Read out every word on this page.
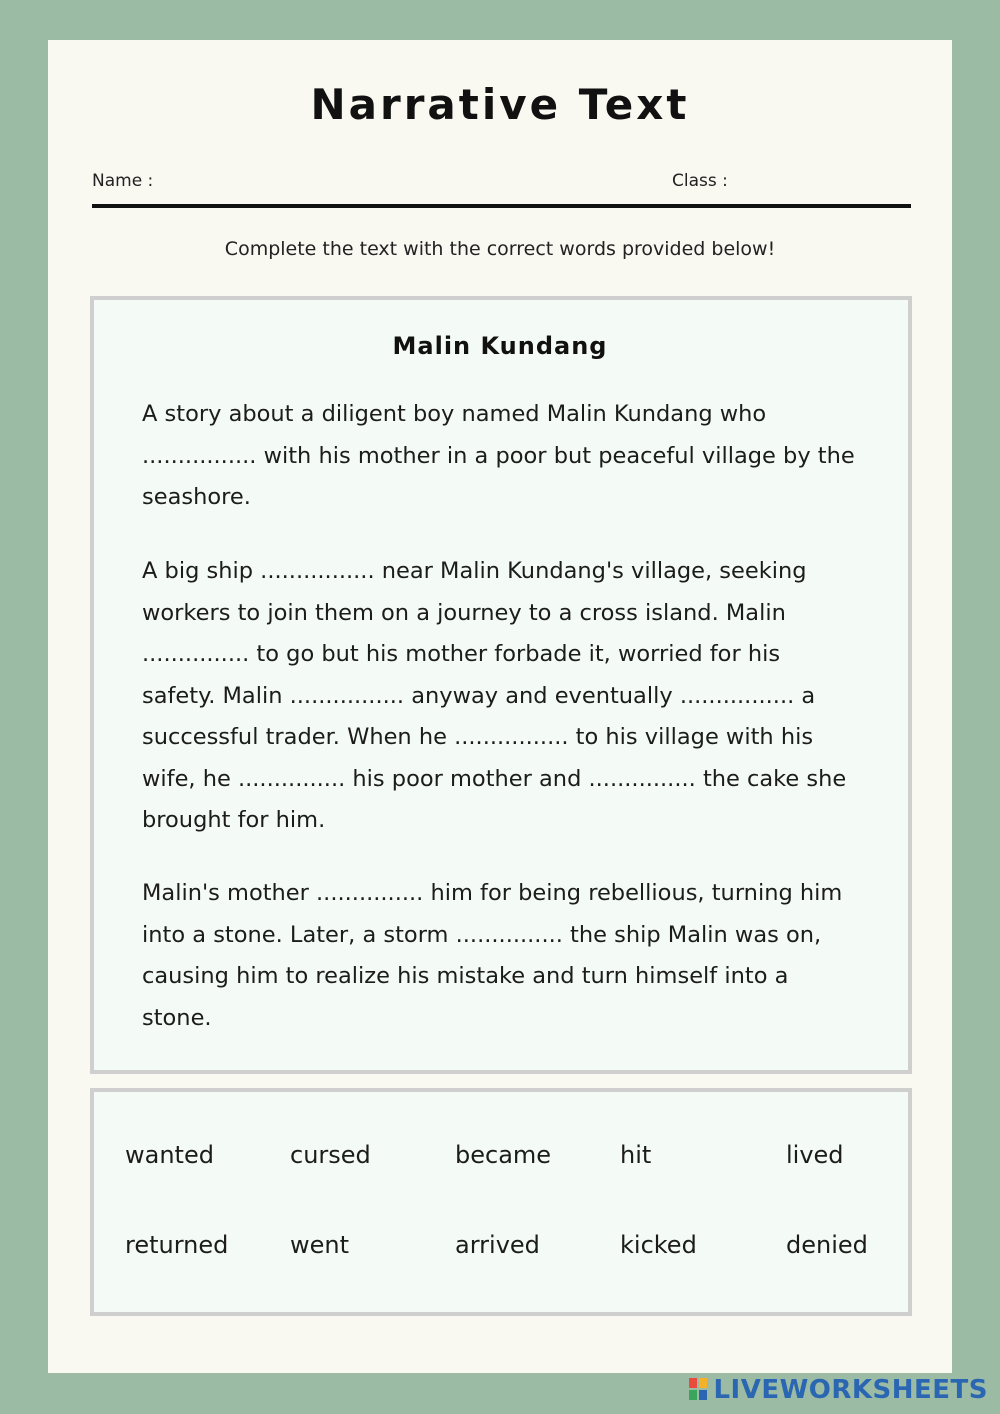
Narrative Text
Name :	Class :
Complete the text with the correct words provided below!
Malin Kundang

A story about a diligent boy named Malin Kundang who
................ with his mother in a poor but peaceful village by the
seashore.

A big ship ................ near Malin Kundang's village, seeking
workers to join them on a journey to a cross island. Malin
............... to go but his mother forbade it, worried for his
safety. Malin ................ anyway and eventually ................ a
successful trader. When he ................ to his village with his
wife, he ............... his poor mother and ............... the cake she
brought for him.

Malin's mother ............... him for being rebellious, turning him
into a stone. Later, a storm ............... the ship Malin was on,
causing him to realize his mistake and turn himself into a
stone.

wanted	cursed	became	hit	lived
returned	went	arrived	kicked	denied
LIVEWORKSHEETS
